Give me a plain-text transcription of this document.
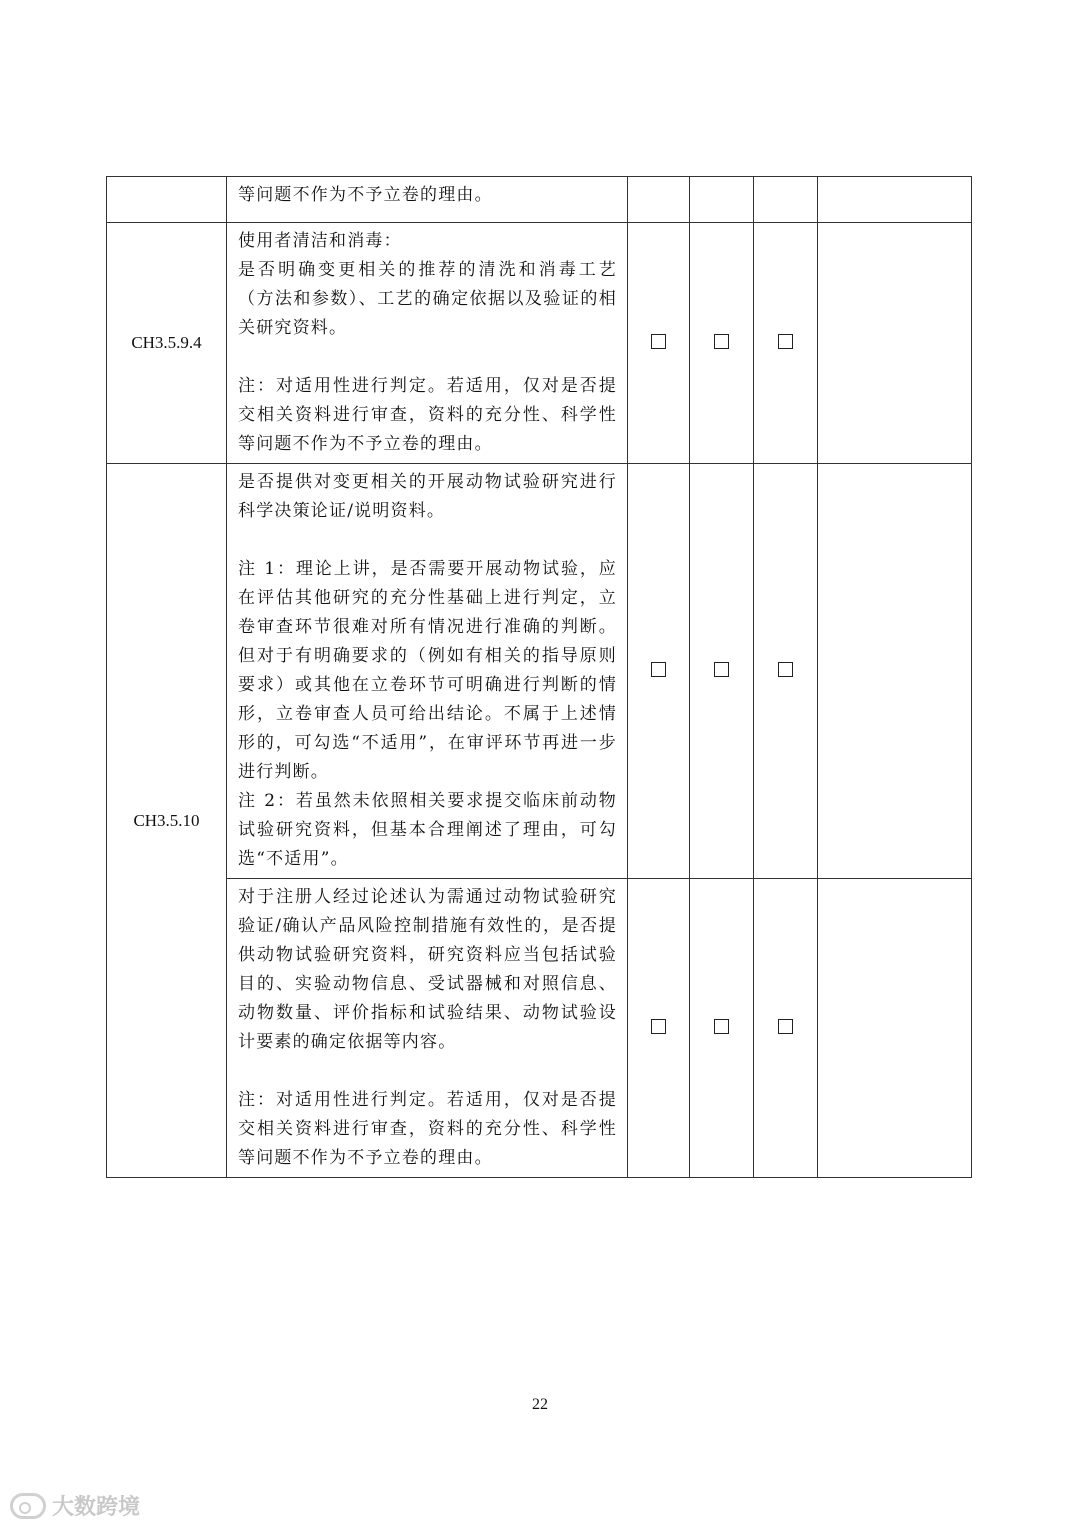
	等问题不作为不予立卷的理由。				

CH3.5.9.4	使用者清洁和消毒：
是否明确变更相关的推荐的清洗和消毒工艺（方法和参数）、工艺的确定依据以及验证的相关研究资料。

注：对适用性进行判定。若适用，仅对是否提交相关资料进行审查，资料的充分性、科学性等问题不作为不予立卷的理由。				

CH3.5.10	是否提供对变更相关的开展动物试验研究进行科学决策论证/说明资料。

注 1：理论上讲，是否需要开展动物试验，应在评估其他研究的充分性基础上进行判定，立卷审查环节很难对所有情况进行准确的判断。但对于有明确要求的（例如有相关的指导原则要求）或其他在立卷环节可明确进行判断的情形，立卷审查人员可给出结论。不属于上述情形的，可勾选“不适用”，在审评环节再进一步进行判断。
注 2：若虽然未依照相关要求提交临床前动物试验研究资料，但基本合理阐述了理由，可勾选“不适用”。				

	对于注册人经过论述认为需通过动物试验研究验证/确认产品风险控制措施有效性的，是否提供动物试验研究资料，研究资料应当包括试验目的、实验动物信息、受试器械和对照信息、动物数量、评价指标和试验结果、动物试验设计要素的确定依据等内容。

注：对适用性进行判定。若适用，仅对是否提交相关资料进行审查，资料的充分性、科学性等问题不作为不予立卷的理由。				

22
大数跨境
